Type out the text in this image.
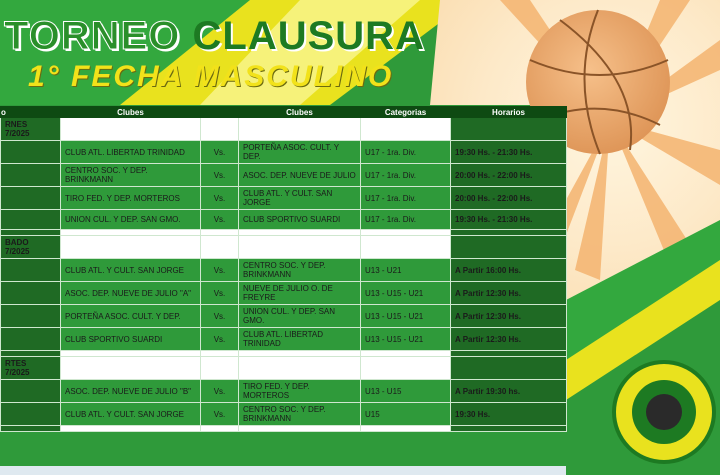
TORNEO CLAUSURA
1° FECHA MASCULINO
o	Clubes		Clubes	Categorias	Horarios
RNES
7/2025					
	CLUB ATL. LIBERTAD TRINIDAD	Vs.	PORTEÑA ASOC. CULT. Y DEP.	U17 - 1ra. Div.	19:30 Hs. - 21:30 Hs.
	CENTRO SOC. Y DEP. BRINKMANN	Vs.	ASOC. DEP. NUEVE DE JULIO	U17 - 1ra. Div.	20:00 Hs. - 22:00 Hs.
	TIRO FED. Y DEP. MORTEROS	Vs.	CLUB ATL. Y CULT. SAN JORGE	U17 - 1ra. Div.	20:00 Hs. - 22:00 Hs.
	UNION CUL. Y DEP. SAN GMO.	Vs.	CLUB SPORTIVO SUARDI	U17 - 1ra. Div.	19:30 Hs. - 21:30 Hs.

BADO
7/2025					
	CLUB ATL. Y CULT. SAN JORGE	Vs.	CENTRO SOC. Y DEP. BRINKMANN	U13 - U21	A Partir 16:00 Hs.
	ASOC. DEP. NUEVE DE JULIO "A"	Vs.	NUEVE DE JULIO O. DE FREYRE	U13 - U15 - U21	A Partir 12:30 Hs.
	PORTEÑA ASOC. CULT. Y DEP.	Vs.	UNION CUL. Y DEP. SAN GMO.	U13 - U15 - U21	A Partir 12:30 Hs.
	CLUB SPORTIVO SUARDI	Vs.	CLUB ATL. LIBERTAD TRINIDAD	U13 - U15 - U21	A Partir 12:30 Hs.

RTES
7/2025					
	ASOC. DEP. NUEVE DE JULIO "B"	Vs.	TIRO FED. Y DEP. MORTEROS	U13 - U15	A Partir 19:30 hs.
	CLUB ATL. Y CULT. SAN JORGE	Vs.	CENTRO SOC. Y DEP. BRINKMANN	U15	19:30 Hs.
